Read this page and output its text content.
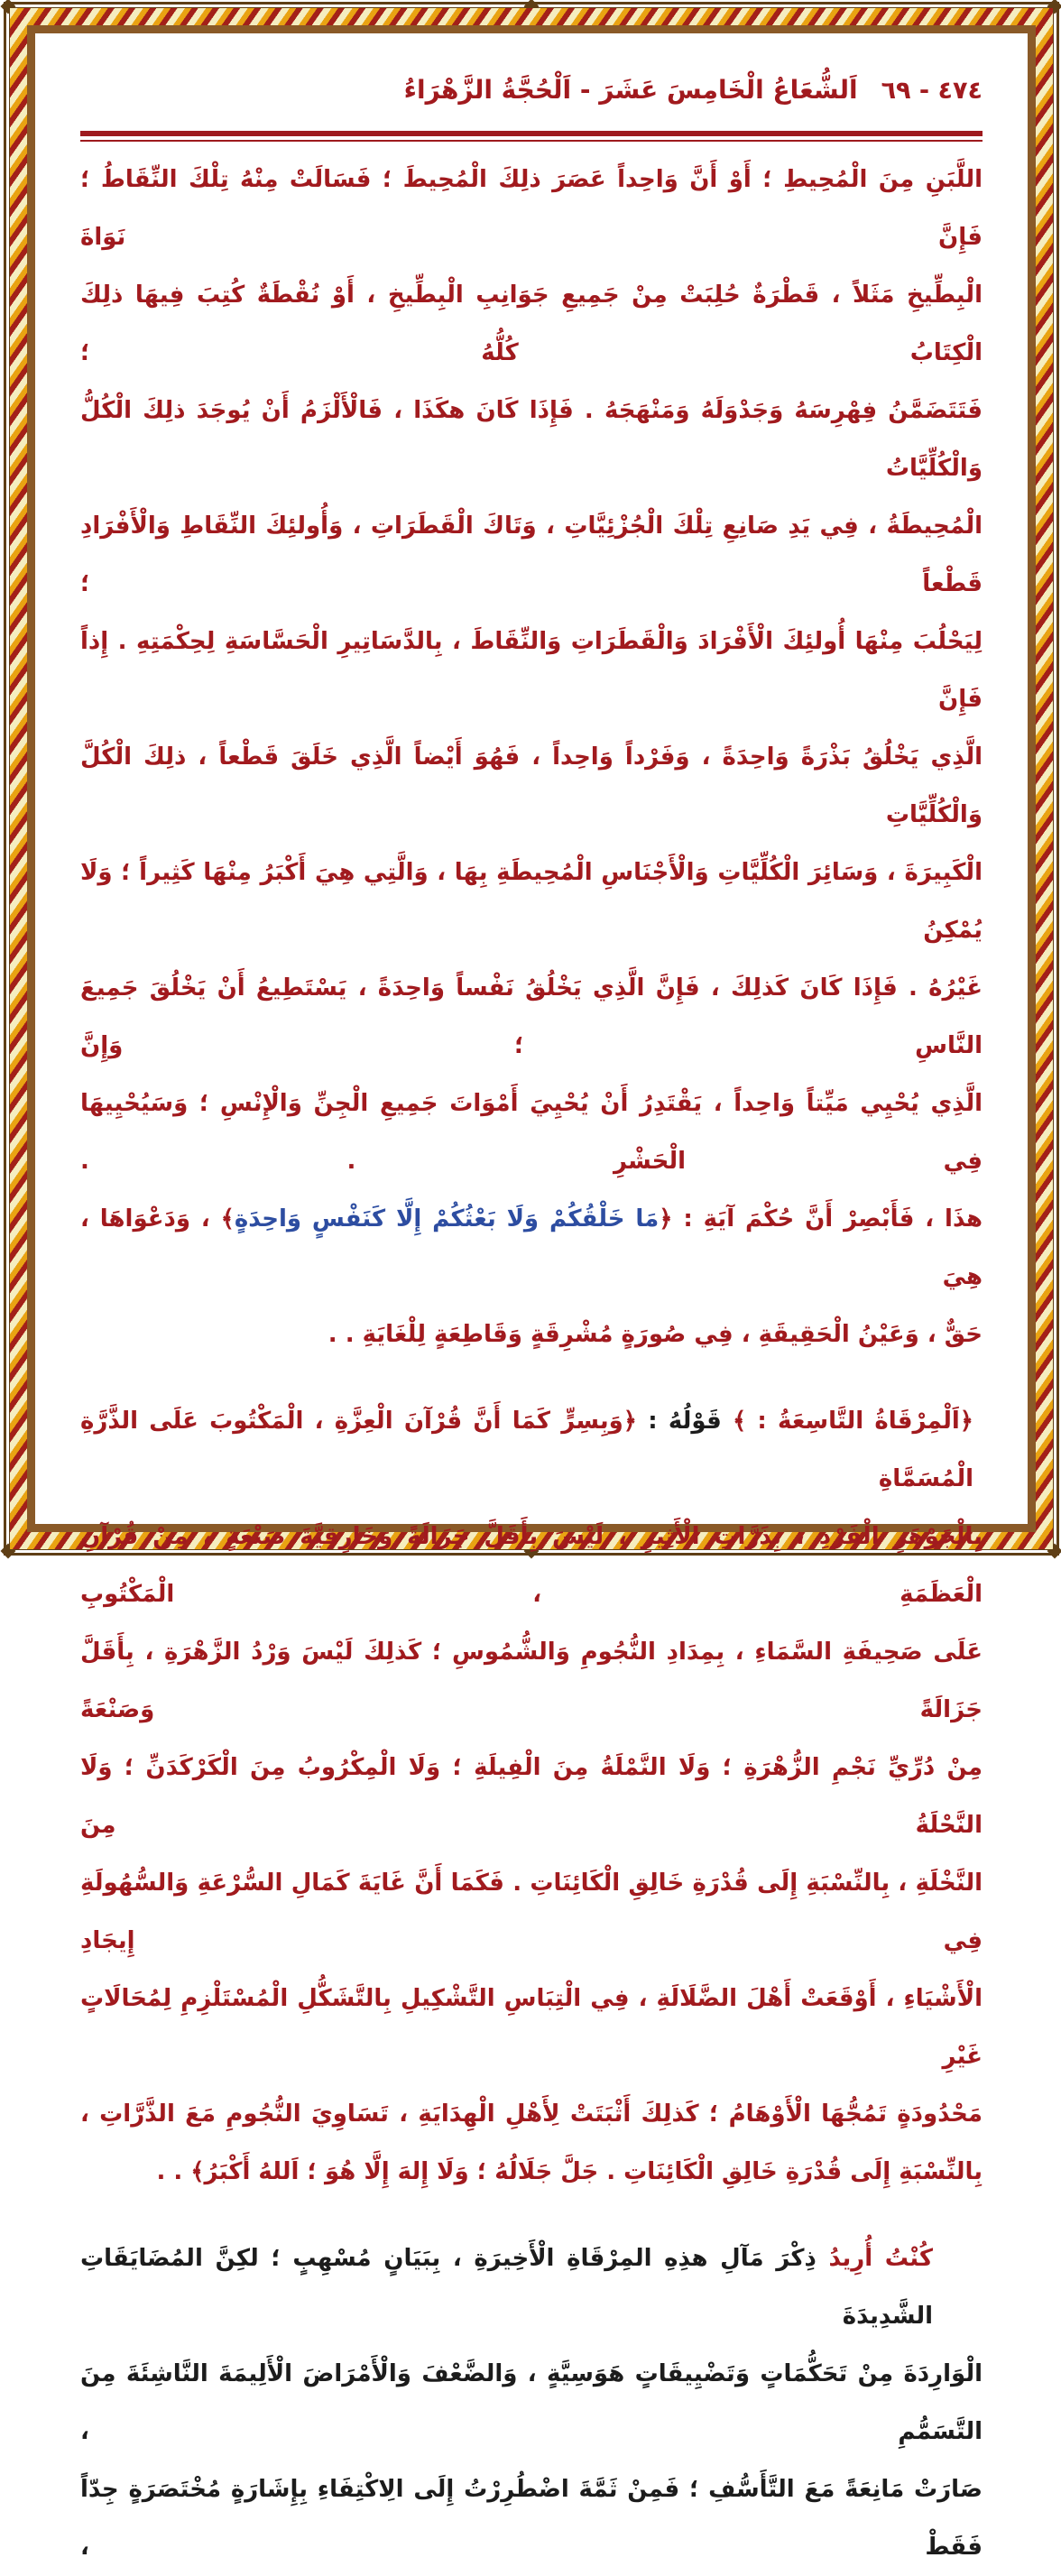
٤٧٤ - ٦٩اَلشُّعَاعُ الْخَامِسَ عَشَرَ - اَلْحُجَّةُ الزَّهْرَاءُ
اللَّبَنِ مِنَ الْمُحِيطِ ؛ أَوْ أَنَّ وَاحِداً عَصَرَ ذلِكَ الْمُحِيطَ ؛ فَسَالَتْ مِنْهُ تِلْكَ النِّقَاطُ ؛ فَإِنَّ نَوَاةَ
الْبِطِّيخِ مَثَلاً ، قَطْرَةٌ حُلِبَتْ مِنْ جَمِيعِ جَوَانِبِ الْبِطِّيخِ ، أَوْ نُقْطَةٌ كُتِبَ فِيهَا ذلِكَ الْكِتَابُ كُلُّهُ ؛
فَتَتَضَمَّنُ فِهْرِسَهُ وَجَدْوَلَهُ وَمَنْهَجَهُ . فَإِذَا كَانَ هكَذَا ، فَالْأَلْزَمُ أَنْ يُوجَدَ ذلِكَ الْكُلُّ وَالْكُلِّيَّاتُ
الْمُحِيطَةُ ، فِي يَدِ صَانِعِ تِلْكَ الْجُزْئِيَّاتِ ، وَتَاكَ الْقَطَرَاتِ ، وَأُولئِكَ النِّقَاطِ وَالْأَفْرَادِ قَطْعاً ؛
لِيَحْلُبَ مِنْهَا أُولئِكَ الْأَفْرَادَ وَالْقَطَرَاتِ وَالنِّقَاطَ ، بِالدَّسَاتِيرِ الْحَسَّاسَةِ لِحِكْمَتِهِ . إِذاً فَإِنَّ
الَّذِي يَخْلُقُ بَذْرَةً وَاحِدَةً ، وَفَرْداً وَاحِداً ، فَهُوَ أَيْضاً الَّذِي خَلَقَ قَطْعاً ، ذلِكَ الْكُلَّ وَالْكُلِّيَّاتِ
الْكَبِيرَةَ ، وَسَائِرَ الْكُلِّيَّاتِ وَالْأَجْنَاسِ الْمُحِيطَةِ بِهَا ، وَالَّتِي هِيَ أَكْبَرُ مِنْهَا كَثِيراً ؛ وَلَا يُمْكِنُ
غَيْرُهُ . فَإِذَا كَانَ كَذلِكَ ، فَإِنَّ الَّذِي يَخْلُقُ نَفْساً وَاحِدَةً ، يَسْتَطِيعُ أَنْ يَخْلُقَ جَمِيعَ النَّاسِ ؛ وَإِنَّ
الَّذِي يُحْيِي مَيِّتاً وَاحِداً ، يَقْتَدِرُ أَنْ يُحْيِيَ أَمْوَاتَ جَمِيعِ الْجِنِّ وَالْإِنْسِ ؛ وَسَيُحْيِيهَا فِي الْحَشْرِ . .
هذَا ، فَأَبْصِرْ أَنَّ حُكْمَ آيَةِ : ﴿مَا خَلْقُكُمْ وَلَا بَعْثُكُمْ إِلَّا كَنَفْسٍ وَاحِدَةٍ﴾ ، وَدَعْوَاهَا ، هِيَ
حَقٌّ ، وَعَيْنُ الْحَقِيقَةِ ، فِي صُورَةٍ مُشْرِقَةٍ وَقَاطِعَةٍ لِلْغَايَةِ . .
﴿اَلْمِرْقَاةُ التَّاسِعَةُ : ﴾ قَوْلُهُ : ﴿وَبِسِرٍّ كَمَا أَنَّ قُرْآنَ الْعِزَّةِ ، الْمَكْتُوبَ عَلَى الذَّرَّةِ الْمُسَمَّاةِ
بِالْجَوْهَرِ الْفَرْدِ ، بِذَرَّاتِ الْأَثِيرِ ، لَيْسَ بِأَقَلَّ جَزَالَةً وَخَارِقِيَّةَ صَنْعَةٍ ، مِنْ قُرْآنِ الْعَظَمَةِ ، الْمَكْتُوبِ
عَلَى صَحِيفَةِ السَّمَاءِ ، بِمِدَادِ النُّجُومِ وَالشُّمُوسِ ؛ كَذلِكَ لَيْسَ وَرْدُ الزَّهْرَةِ ، بِأَقَلَّ جَزَالَةً وَصَنْعَةً
مِنْ دُرِّيِّ نَجْمِ الزُّهْرَةِ ؛ وَلَا النَّمْلَةُ مِنَ الْفِيلَةِ ؛ وَلَا الْمِكْرُوبُ مِنَ الْكَرْكَدَنِّ ؛ وَلَا النَّحْلَةُ مِنَ
النَّخْلَةِ ، بِالنِّسْبَةِ إِلَى قُدْرَةِ خَالِقِ الْكَائِنَاتِ . فَكَمَا أَنَّ غَايَةَ كَمَالِ السُّرْعَةِ وَالسُّهُولَةِ فِي إِيجَادِ
الْأَشْيَاءِ ، أَوْقَعَتْ أَهْلَ الضَّلَالَةِ ، فِي الْتِبَاسِ التَّشْكِيلِ بِالتَّشَكُّلِ الْمُسْتَلْزِمِ لِمُحَالَاتٍ غَيْرِ
مَحْدُودَةٍ تَمُجُّهَا الْأَوْهَامُ ؛ كَذلِكَ أَثْبَتَتْ لِأَهْلِ الْهِدَايَةِ ، تَسَاوِيَ النُّجُومِ مَعَ الذَّرَّاتِ ،
بِالنِّسْبَةِ إِلَى قُدْرَةِ خَالِقِ الْكَائِنَاتِ . جَلَّ جَلَالُهُ ؛ وَلَا إِلهَ إِلَّا هُوَ ؛ اَللهُ أَكْبَرُ﴾ . .
كُنْتُ أُرِيدُ ذِكْرَ مَآلِ هذِهِ المِرْقَاةِ الْأَخِيرَةِ ، بِبَيَانٍ مُسْهِبٍ ؛ لكِنَّ المُضَايَقَاتِ الشَّدِيدَةَ
الْوَارِدَةَ مِنْ تَحَكُّمَاتٍ وَتَضْيِيقَاتٍ هَوَسِيَّةٍ ، وَالضَّعْفَ وَالْأَمْرَاضَ الْأَلِيمَةَ النَّاشِئَةَ مِنَ التَّسَمُّمِ ،
صَارَتْ مَانِعَةً مَعَ التَّأَسُّفِ ؛ فَمِنْ ثَمَّةَ اضْطُرِرْتُ إِلَى الِاكْتِفَاءِ بِإِشَارَةٍ مُخْتَصَرَةٍ جِدّاً فَقَطْ ،
